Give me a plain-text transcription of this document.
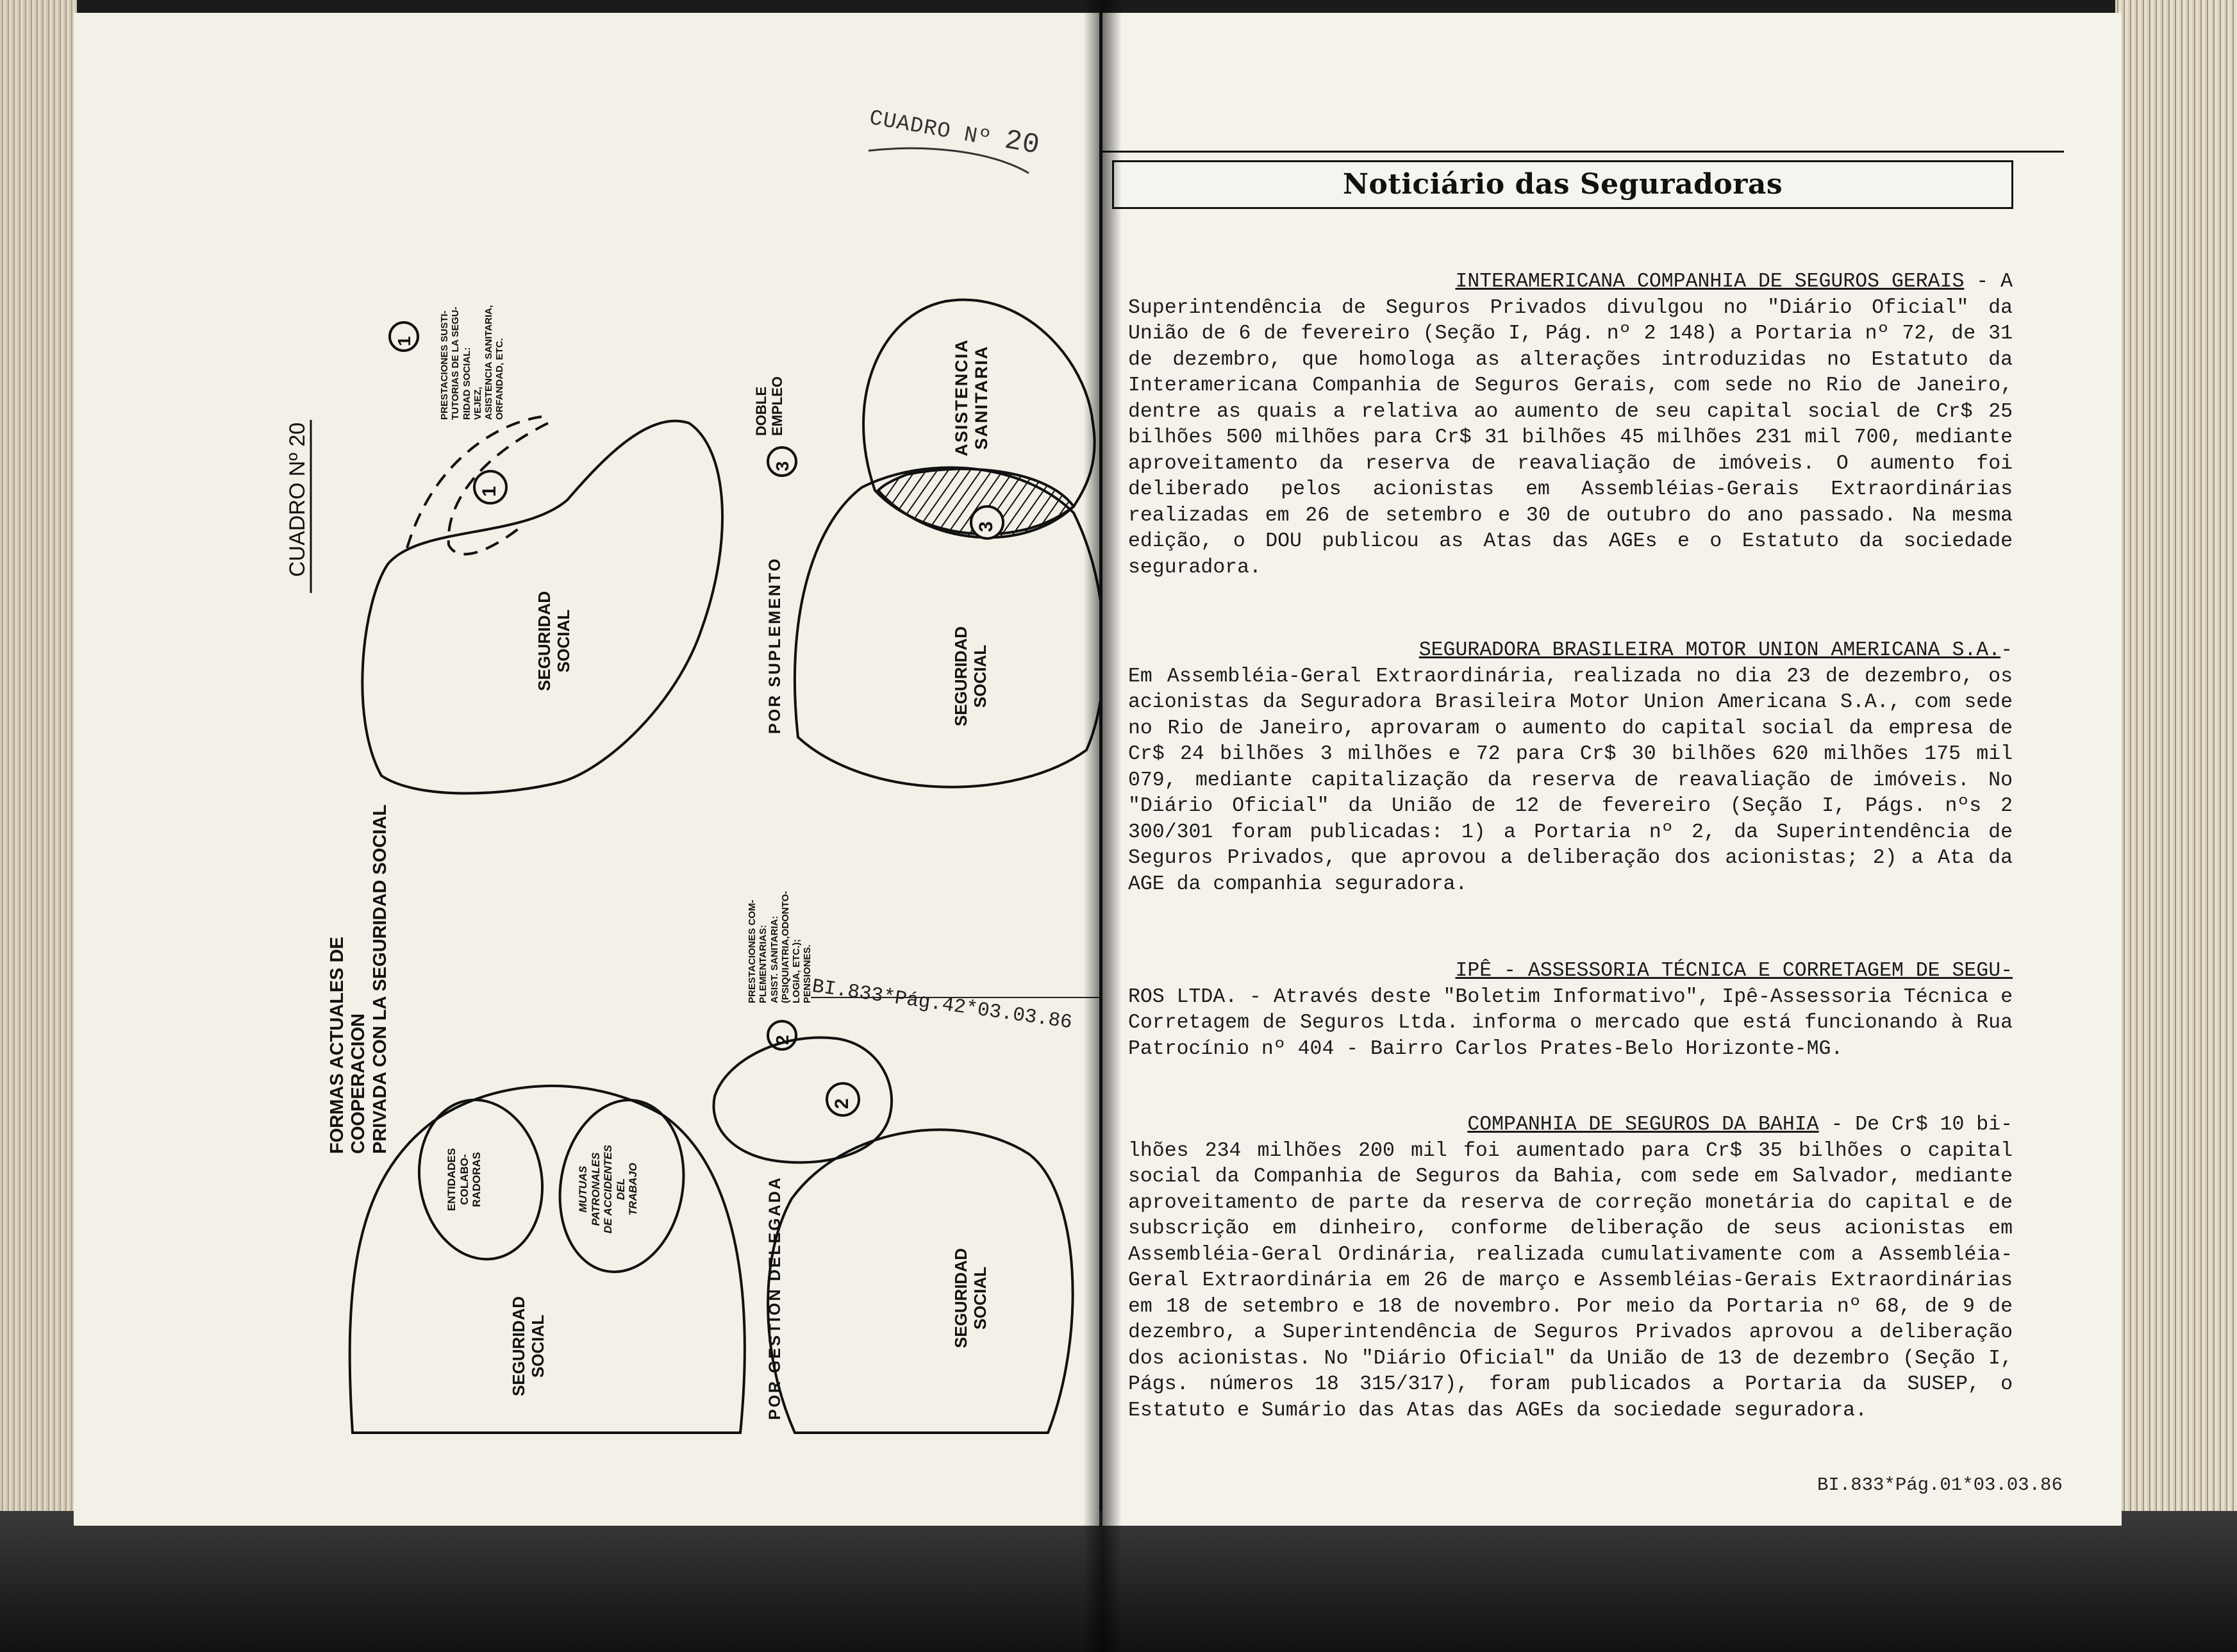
CUADRO Nº 20
1
1
2
2
3
3
CUADRO Nº 20
FORMAS ACTUALES DE COOPERACION PRIVADA CON LA SEGURIDAD SOCIAL
POR GESTION DELEGADA
POR SUPLEMENTO
DOBLE EMPLEO
SEGURIDAD SOCIAL	SEGURIDAD SOCIAL
SEGURIDAD SOCIAL	SEGURIDAD SOCIAL
ASISTENCIA SANITARIA
ENTIDADES COLABO- RADORAS	MUTUAS PATRONALES DE ACCIDENTES DEL TRABAJO
PRESTACIONES SUSTI- TUTORIAS DE LA SEGU- RIDAD SOCIAL: VEJEZ, ASISTENCIA SANITARIA, ORFANDAD, ETC.
PRESTACIONES COM- PLEMENTARIAS: ASIST. SANITARIA: (PSIQUIATRIA,ODONTO- LOGIA, ETC.); PENSIONES.
BI.833*Pág.42*03.03.86
Noticiário das Seguradoras
INTERAMERICANA COMPANHIA DE SEGUROS GERAIS - A
Superintendência de Seguros Privados divulgou no "Diário Oficial" da União de 6 de fevereiro (Seção I, Pág. nº 2 148) a Portaria nº 72, de 31 de dezembro, que homologa as alterações introduzidas no Estatuto da Interamericana Companhia de Seguros Gerais, com sede no Rio de Janeiro, dentre as quais a relativa ao aumento de seu capital social de Cr$ 25 bilhões 500 milhões para Cr$ 31 bilhões 45 milhões 231 mil 700, mediante aproveitamento da reserva de reavaliação de imóveis. O aumento foi deliberado pelos acionistas em Assembléias-Gerais Extraordinárias realizadas em 26 de setembro e 30 de outubro do ano passado. Na mesma edição, o DOU publicou as Atas das AGEs e o Estatuto da sociedade seguradora.
SEGURADORA BRASILEIRA MOTOR UNION AMERICANA S.A.-
Em Assembléia-Geral Extraordinária, realizada no dia 23 de dezembro, os acionistas da Seguradora Brasileira Motor Union Americana S.A., com sede no Rio de Janeiro, aprovaram o aumento do capital social da empresa de Cr$ 24 bilhões 3 milhões e 72 para Cr$ 30 bilhões 620 milhões 175 mil 079, mediante capitalização da reserva de reavaliação de imóveis. No "Diário Oficial" da União de 12 de fevereiro (Seção I, Págs. nºs 2 300/301 foram publicadas: 1) a Portaria nº 2, da Superintendência de Seguros Privados, que aprovou a deliberação dos acionistas; 2) a Ata da AGE da companhia seguradora.
IPÊ - ASSESSORIA TÉCNICA E CORRETAGEM DE SEGU-
ROS LTDA. - Através deste "Boletim Informativo", Ipê-Assessoria Técnica e Corretagem de Seguros Ltda. informa o mercado que está funcionando à Rua Patrocínio nº 404 - Bairro Carlos Prates-Belo Horizonte-MG.
COMPANHIA DE SEGUROS DA BAHIA - De Cr$ 10 bi-
lhões 234 milhões 200 mil foi aumentado para Cr$ 35 bilhões o capital social da Companhia de Seguros da Bahia, com sede em Salvador, mediante aproveitamento de parte da reserva de correção monetária do capital e de subscrição em dinheiro, conforme deliberação de seus acionistas em Assembléia-Geral Ordinária, realizada cumulativamente com a Assembléia-Geral Extraordinária em 26 de março e Assembléias-Gerais Extraordinárias em 18 de setembro e 18 de novembro. Por meio da Portaria nº 68, de 9 de dezembro, a Superintendência de Seguros Privados aprovou a deliberação dos acionistas. No "Diário Oficial" da União de 13 de dezembro (Seção I, Págs. números 18 315/317), foram publicados a Portaria da SUSEP, o Estatuto e Sumário das Atas das AGEs da sociedade seguradora.
BI.833*Pág.01*03.03.86
